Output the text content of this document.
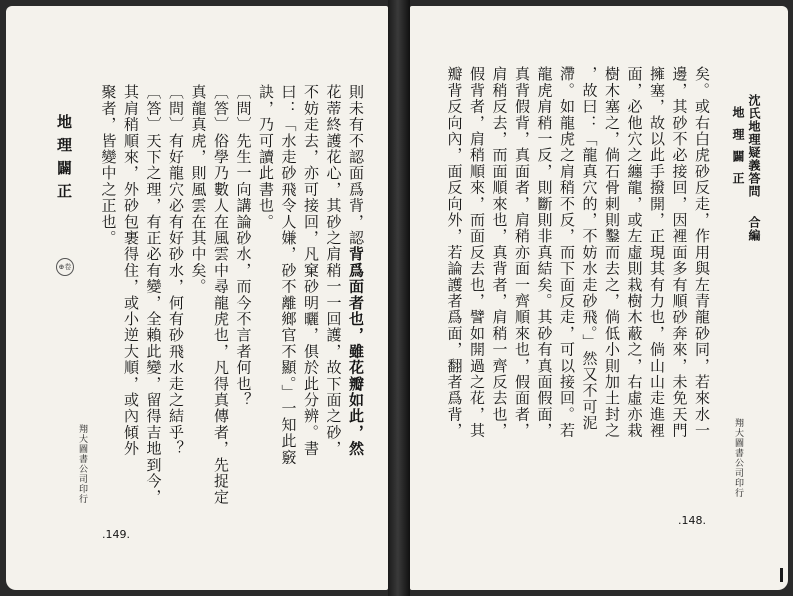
則未有不認面爲背，認背爲面者也，雖花瓣如此，然
花蒂終護花心，其砂之肩稍一一回護，故下面之砂，
不妨走去，亦可接回，凡窠砂明曬，俱於此分辨。書
曰：「水走砂飛令人嫌，砂不離鄉官不顯。」一知此竅
訣，乃可讀此書也。
〔問〕先生一向講論砂水，而今不言者何也？
〔答〕俗學乃數人在風雲中尋龍虎也，凡得真傳者，先捉定
真龍真虎，則風雲在其中矣。
〔問〕有好龍穴必有好砂水，何有砂飛水走之結乎？
〔答〕天下之理，有正必有變，全賴此變，留得吉地到今，
其肩稍順來，外砂包裹得住，或小逆大順，或內傾外
聚者，皆變中之正也。
地理闢正
⊕卷
翔大圖書公司印行
.149.
矣。或右白虎砂反走，作用與左青龍砂同，若來水一
邊，其砂不必接回，因裡面多有順砂奔來，未免天門
擁塞，故以此手撥開，正現其有力也，倘山山走進裡
面，必他穴之纏龍，或左虛則栽樹木蔽之，右虛亦栽
樹木塞之，倘石骨刺則鑿而去之，倘低小則加土封之
，故曰：「龍真穴的，不妨水走砂飛。」然又不可泥
滯。如龍虎之肩稍不反，而下面反走，可以接回。若
龍虎肩稍一反，則斷則非真結矣。其砂有真面假面，
真背假背，真面者，肩稍亦面一齊順來也，假面者，
肩稍反去，而面順來也，真背者，肩稍一齊反去也，
假背者，肩稍順來，而面反去也，譬如開過之花，其
瓣背反向內，面反向外，若論護者爲面，翻者爲背，	沈氏地理疑義答問
合編
地理闢正
翔大圖書公司印行
.148.
